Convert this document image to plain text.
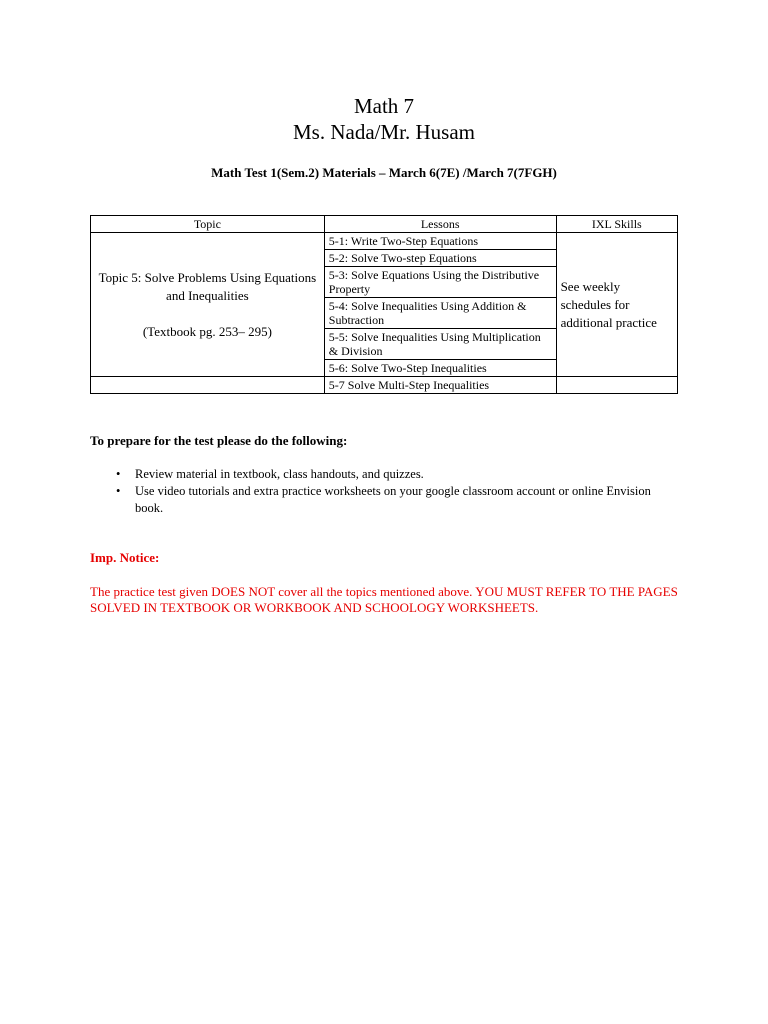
Math 7
Ms. Nada/Mr. Husam
Math Test 1(Sem.2) Materials – March 6(7E) /March 7(7FGH)
Topic	Lessons	IXL Skills

Topic 5: Solve Problems Using Equations and Inequalities
(Textbook pg. 253– 295)	5-1: Write Two-Step Equations	See weekly schedules for additional practice
	5-2: Solve Two-step Equations	
	5-3: Solve Equations Using the Distributive Property	
	5-4: Solve Inequalities Using Addition & Subtraction	
	5-5: Solve Inequalities Using Multiplication & Division	
	5-6: Solve Two-Step Inequalities	
	5-7 Solve Multi-Step Inequalities	
To prepare for the test please do the following:
• Review material in textbook, class handouts, and quizzes.
• Use video tutorials and extra practice worksheets on your google classroom account or online Envision book.
Imp. Notice:
The practice test given DOES NOT cover all the topics mentioned above. YOU MUST REFER TO THE PAGES SOLVED IN TEXTBOOK OR WORKBOOK AND SCHOOLOGY WORKSHEETS.
